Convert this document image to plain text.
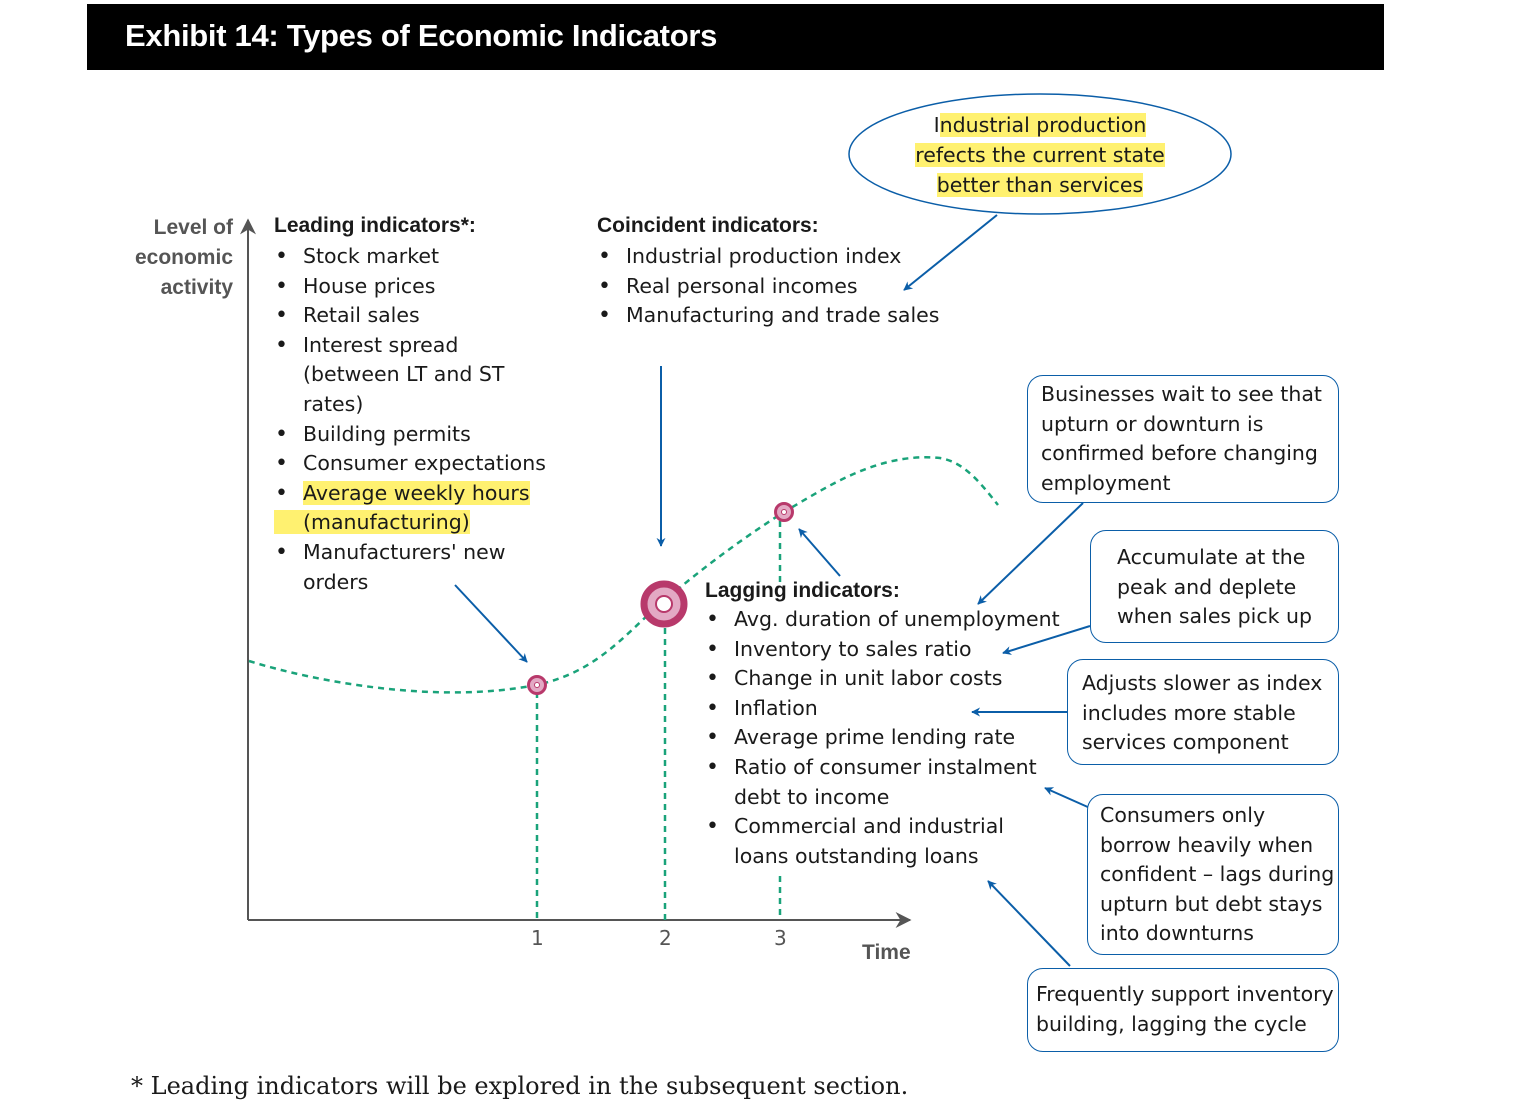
Exhibit 14: Types of Economic Indicators
Level of
economic
activity
Leading indicators*:
• Stock market
• House prices
• Retail sales
• Interest spread
(between LT and ST
rates)
• Building permits
• Consumer expectations
• Average weekly hours
(manufacturing)
• Manufacturers' new
orders
Coincident indicators:
• Industrial production index
• Real personal incomes
• Manufacturing and trade sales
Lagging indicators:
• Avg. duration of unemployment
• Inventory to sales ratio
• Change in unit labor costs
• Inflation
• Average prime lending rate
• Ratio of consumer instalment
debt to income
• Commercial and industrial
loans outstanding loans
Industrial production
refects the current state
better than services
Businesses wait to see that
upturn or downturn is
confirmed before changing
employment
Accumulate at the
peak and deplete
when sales pick up
Adjusts slower as index
includes more stable
services component
Consumers only
borrow heavily when
confident – lags during
upturn but debt stays
into downturns
Frequently support inventory
building, lagging the cycle
1	2	3
Time
* Leading indicators will be explored in the subsequent section.
